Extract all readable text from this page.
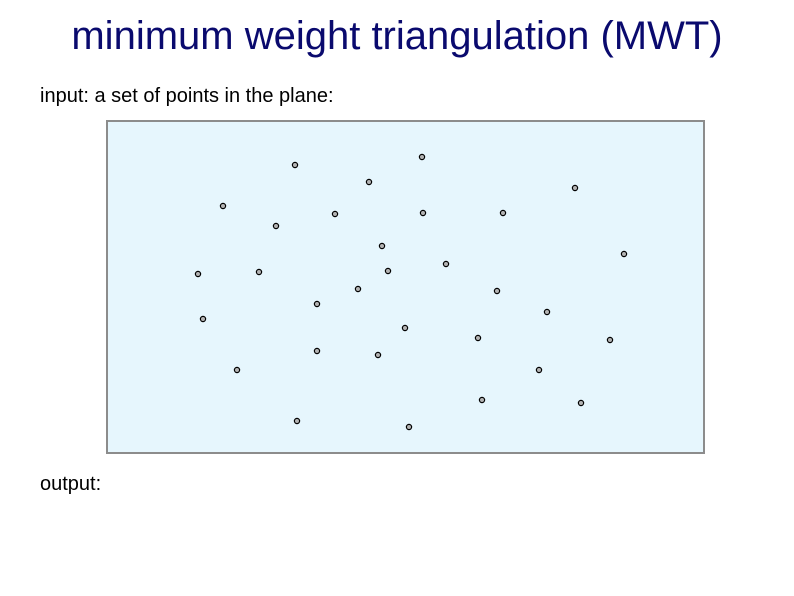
minimum weight triangulation (MWT)
input: a set of points in the plane:
output:
